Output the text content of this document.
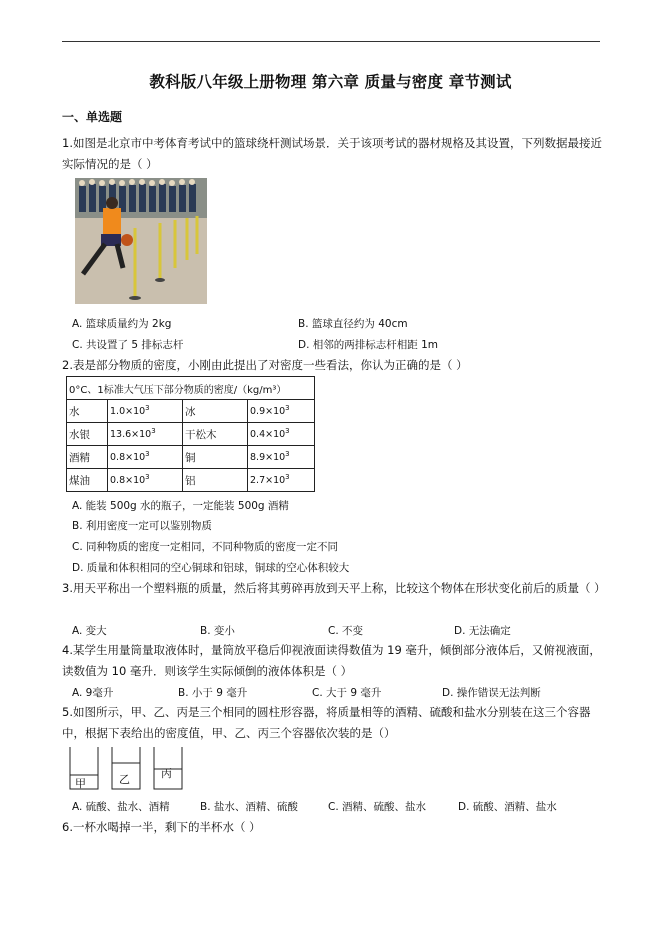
教科版八年级上册物理 第六章 质量与密度 章节测试
一、单选题
1.如图是北京市中考体育考试中的篮球绕杆测试场景．关于该项考试的器材规格及其设置，下列数据最接近实际情况的是（ ）
A. 篮球质量约为 2kg	B. 篮球直径约为 40cm
C. 共设置了 5 排标志杆	D. 相邻的两排标志杆相距 1m
2.表是部分物质的密度，小刚由此提出了对密度一些看法，你认为正确的是（ ）
0°C、1标准大气压下部分物质的密度/（kg/m³）			
水	$1.0\times 10^3$	冰	$0.9\times 10^3$
水银	$13.6\times 10^3$	干松木	$0.4\times 10^3$
酒精	$0.8\times 10^3$	铜	$8.9\times 10^3$
煤油	$0.8\times 10^3$	铝	$2.7\times 10^3$
A. 能装 500g 水的瓶子，一定能装 500g 酒精
B. 利用密度一定可以鉴别物质
C. 同种物质的密度一定相同，不同种物质的密度一定不同
D. 质量和体积相同的空心铜球和铝球，铜球的空心体积较大
3.用天平称出一个塑料瓶的质量，然后将其剪碎再放到天平上称，比较这个物体在形状变化前后的质量（ ）
A. 变大	B. 变小	C. 不变	D. 无法确定
4.某学生用量筒量取液体时，量筒放平稳后仰视液面读得数值为 19 毫升，倾倒部分液体后，又俯视液面，读数值为 10 毫升．则该学生实际倾倒的液体体积是（ ）
A. 9毫升	B. 小于 9 毫升	C. 大于 9 毫升	D. 操作错误无法判断
5.如图所示，甲、乙、丙是三个相同的圆柱形容器，将质量相等的酒精、硫酸和盐水分别装在这三个容器中，根据下表给出的密度值，甲、乙、丙三个容器依次装的是（）
甲	乙	丙
A. 硫酸、盐水、酒精	B. 盐水、酒精、硫酸	C. 酒精、硫酸、盐水	D. 硫酸、酒精、盐水
6.一杯水喝掉一半，剩下的半杯水（ ）
